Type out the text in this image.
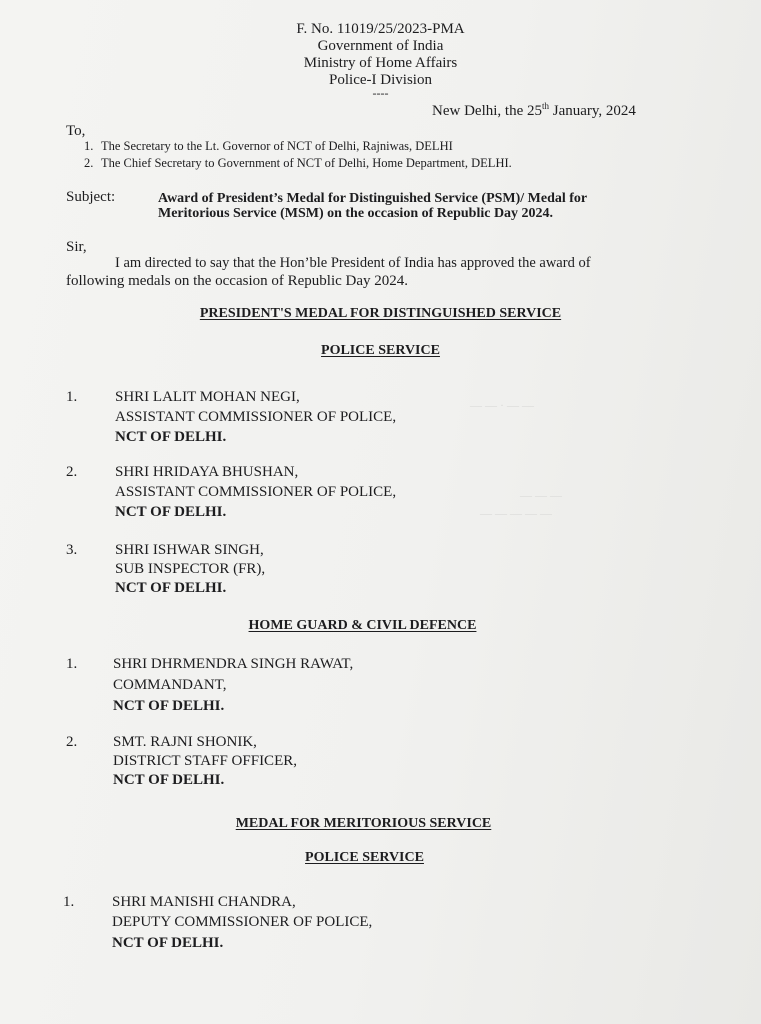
— — · — —
— — —
— — — — —
F. No. 11019/25/2023-PMA
Government of India
Ministry of Home Affairs
Police-I Division
----
New Delhi, the 25th January, 2024
To,
1. The Secretary to the Lt. Governor of NCT of Delhi, Rajniwas, DELHI
2. The Chief Secretary to Government of NCT of Delhi, Home Department, DELHI.
Subject:	Award of President’s Medal for Distinguished Service (PSM)/ Medal for
Meritorious Service (MSM) on the occasion of Republic Day 2024.
Sir,
I am directed to say that the Hon’ble President of India has approved the award of
following medals on the occasion of Republic Day 2024.
PRESIDENT'S MEDAL FOR DISTINGUISHED SERVICE
POLICE SERVICE
1.	SHRI LALIT MOHAN NEGI,
ASSISTANT COMMISSIONER OF POLICE,
NCT OF DELHI.
2.	SHRI HRIDAYA BHUSHAN,
ASSISTANT COMMISSIONER OF POLICE,
NCT OF DELHI.
3.	SHRI ISHWAR SINGH,
SUB INSPECTOR (FR),
NCT OF DELHI.
HOME GUARD & CIVIL DEFENCE
1. SHRI DHRMENDRA SINGH RAWAT,
COMMANDANT,
NCT OF DELHI.
2. SMT. RAJNI SHONIK,
DISTRICT STAFF OFFICER,
NCT OF DELHI.
MEDAL FOR MERITORIOUS SERVICE
POLICE SERVICE
1.	SHRI MANISHI CHANDRA,
DEPUTY COMMISSIONER OF POLICE,
NCT OF DELHI.
